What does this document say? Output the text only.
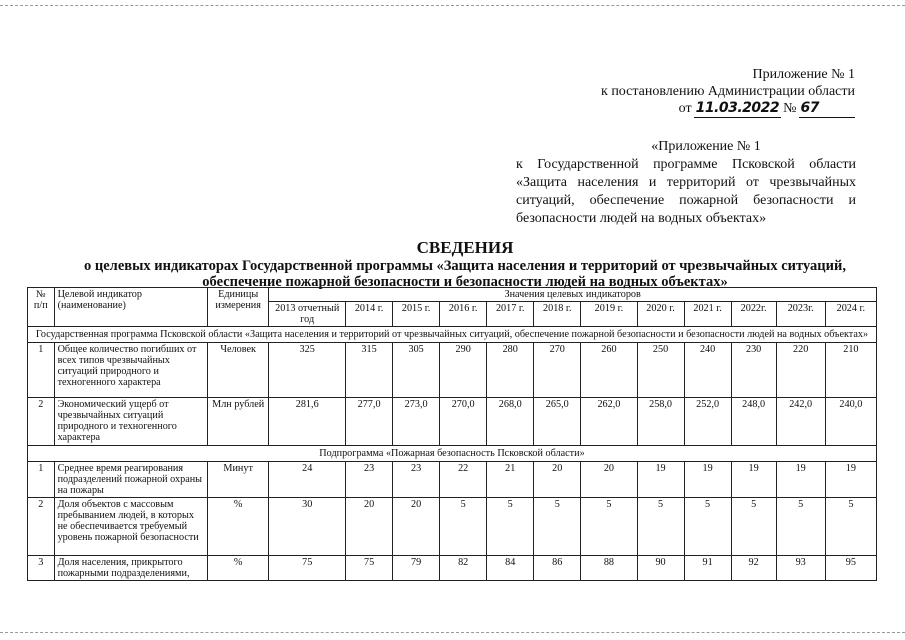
Приложение № 1
к постановлению Администрации области
от 11.03.2022 № 67
«Приложение № 1

к Государственной программе Псковской области «Защита населения и территорий от чрезвычайных ситуаций, обеспечение пожарной безопасности и безопасности людей на водных объектах»

СВЕДЕНИЯ
о целевых индикаторах Государственной программы «Защита населения и территорий от чрезвычайных ситуаций, обеспечение пожарной безопасности и безопасности людей на водных объектах»
№ п/п	Целевой индикатор (наименование)	Единицы измерения	Значения целевых индикаторов											
			2013 отчетный год	2014 г.	2015 г.	2016 г.	2017 г.	2018 г.	2019 г.	2020 г.	2021 г.	2022г.	2023г.	2024 г.
Государственная программа Псковской области «Защита населения и территорий от чрезвычайных ситуаций, обеспечение пожарной безопасности и безопасности людей на водных объектах»														
1	Общее количество погибших от всех типов чрезвычайных ситуаций природного и техногенного характера	Человек	325	315	305	290	280	270	260	250	240	230	220	210
2	Экономический ущерб от чрезвычайных ситуаций природного и техногенного характера	Млн рублей	281,6	277,0	273,0	270,0	268,0	265,0	262,0	258,0	252,0	248,0	242,0	240,0
Подпрограмма «Пожарная безопасность Псковской области»														
1	Среднее время реагирования подразделений пожарной охраны на пожары	Минут	24	23	23	22	21	20	20	19	19	19	19	19
2	Доля объектов с массовым пребыванием людей, в которых не обеспечивается требуемый уровень пожарной безопасности	%	30	20	20	5	5	5	5	5	5	5	5	5
3	Доля населения, прикрытого пожарными подразделениями,	%	75	75	79	82	84	86	88	90	91	92	93	95
